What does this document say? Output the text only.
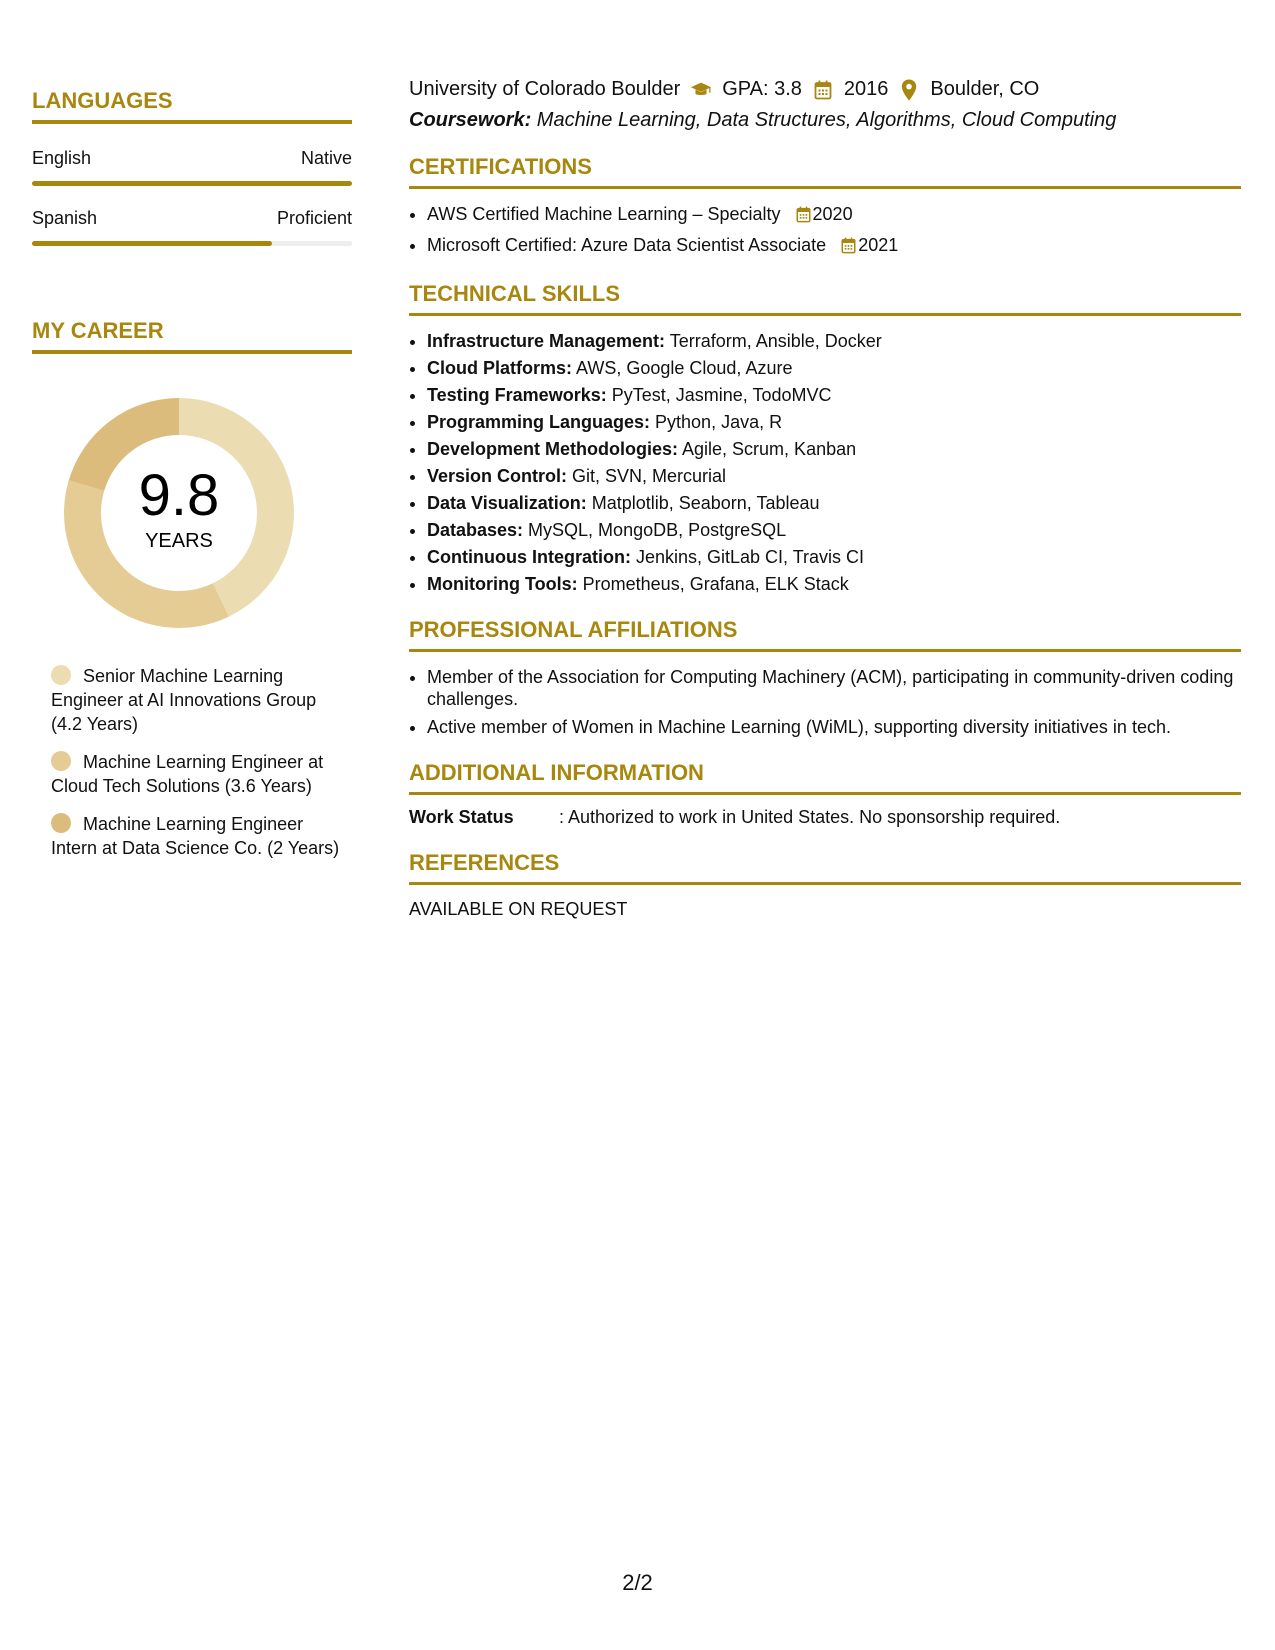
LANGUAGES
English	Native
Spanish	Proficient
MY CAREER
9.8
YEARS
Senior Machine Learning Engineer at AI Innovations Group (4.2 Years)
Machine Learning Engineer at Cloud Tech Solutions (3.6 Years)
Machine Learning Engineer Intern at Data Science Co. (2 Years)
University of Colorado Boulder GPA: 3.8 2016 Boulder, CO
Coursework: Machine Learning, Data Structures, Algorithms, Cloud Computing
CERTIFICATIONS
• AWS Certified Machine Learning – Specialty 2020
• Microsoft Certified: Azure Data Scientist Associate 2021
TECHNICAL SKILLS
• Infrastructure Management: Terraform, Ansible, Docker
• Cloud Platforms: AWS, Google Cloud, Azure
• Testing Frameworks: PyTest, Jasmine, TodoMVC
• Programming Languages: Python, Java, R
• Development Methodologies: Agile, Scrum, Kanban
• Version Control: Git, SVN, Mercurial
• Data Visualization: Matplotlib, Seaborn, Tableau
• Databases: MySQL, MongoDB, PostgreSQL
• Continuous Integration: Jenkins, GitLab CI, Travis CI
• Monitoring Tools: Prometheus, Grafana, ELK Stack
PROFESSIONAL AFFILIATIONS
• Member of the Association for Computing Machinery (ACM), participating in community-driven coding challenges.
• Active member of Women in Machine Learning (WiML), supporting diversity initiatives in tech.
ADDITIONAL INFORMATION
Work Status	: Authorized to work in United States. No sponsorship required.
REFERENCES
AVAILABLE ON REQUEST
2/2
